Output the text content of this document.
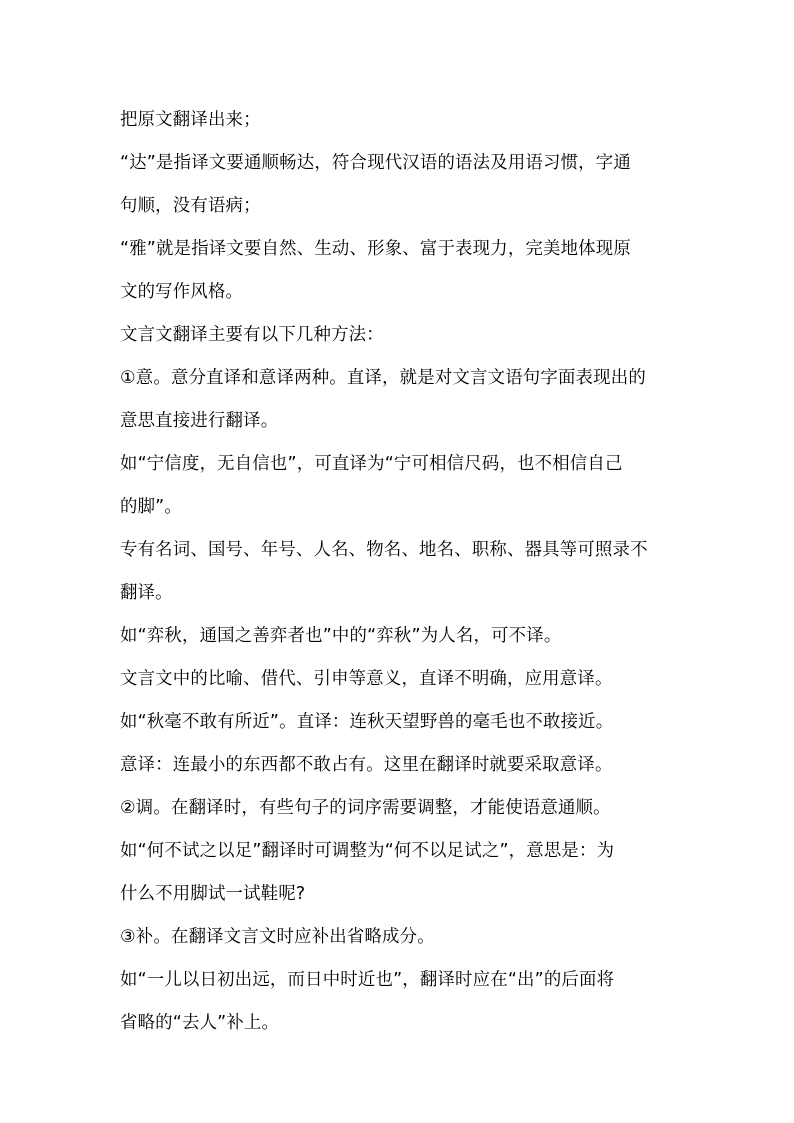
把原文翻译出来；
“达”是指译文要通顺畅达，符合现代汉语的语法及用语习惯，字通
句顺，没有语病；
“雅”就是指译文要自然、生动、形象、富于表现力，完美地体现原
文的写作风格。
文言文翻译主要有以下几种方法：
①意。意分直译和意译两种。直译，就是对文言文语句字面表现出的
意思直接进行翻译。
如“宁信度，无自信也”，可直译为“宁可相信尺码，也不相信自己
的脚”。
专有名词、国号、年号、人名、物名、地名、职称、器具等可照录不
翻译。
如“弈秋，通国之善弈者也”中的“弈秋”为人名，可不译。
文言文中的比喻、借代、引申等意义，直译不明确，应用意译。
如“秋毫不敢有所近”。直译：连秋天望野兽的毫毛也不敢接近。
意译：连最小的东西都不敢占有。这里在翻译时就要采取意译。
②调。在翻译时，有些句子的词序需要调整，才能使语意通顺。
如“何不试之以足”翻译时可调整为“何不以足试之”，意思是：为
什么不用脚试一试鞋呢?
③补。在翻译文言文时应补出省略成分。
如“一儿以日初出远，而日中时近也”，翻译时应在“出”的后面将
省略的“去人”补上。
